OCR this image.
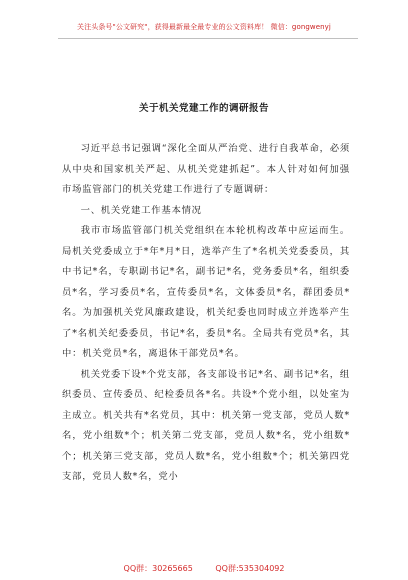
关注头条号"公文研究"，获得最新最全最专业的公文资料库！ 微信：gongwenyj
关于机关党建工作的调研报告

习近平总书记强调“深化全面从严治党、进行自我革命，必须从中央和国家机关严起、从机关党建抓起”。本人针对如何加强市场监管部门的机关党建工作进行了专题调研：

一、机关党建工作基本情况

我市市场监管部门机关党组织在本轮机构改革中应运而生。局机关党委成立于*年*月*日，选举产生了*名机关党委委员，其中书记*名，专职副书记*名，副书记*名，党务委员*名，组织委员*名，学习委员*名，宣传委员*名，文体委员*名，群团委员*名。为加强机关党风廉政建设，机关纪委也同时成立并选举产生了*名机关纪委委员，书记*名，委员*名。全局共有党员*名，其中：机关党员*名，离退休干部党员*名。

机关党委下设*个党支部，各支部设书记*名、副书记*名，组织委员、宣传委员、纪检委员各*名。共设*个党小组，以处室为主成立。机关共有*名党员，其中：机关第一党支部，党员人数*名，党小组数*个；机关第二党支部，党员人数*名，党小组数*个；机关第三党支部，党员人数*名，党小组数*个；机关第四党支部，党员人数*名，党小

QQ群：30265665	QQ群:535304092
